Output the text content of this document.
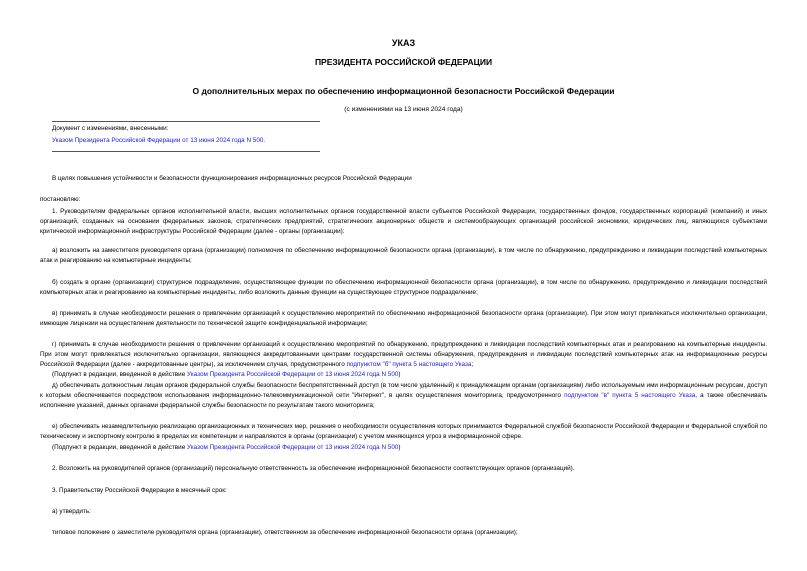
УКАЗ
ПРЕЗИДЕНТА РОССИЙСКОЙ ФЕДЕРАЦИИ
О дополнительных мерах по обеспечению информационной безопасности Российской Федерации
(с изменениями на 13 июня 2024 года)
Документ с изменениями, внесенными:
Указом Президента Российской Федерации от 13 июня 2024 года N 500.

В целях повышения устойчивости и безопасности функционирования информационных ресурсов Российской Федерации

постановляю:

1. Руководителям федеральных органов исполнительной власти, высших исполнительных органов государственной власти субъектов Российской Федерации, государственных фондов, государственных корпораций (компаний) и иных организаций, созданных на основании федеральных законов, стратегических предприятий, стратегических акционерных обществ и системообразующих организаций российской экономики, юридических лиц, являющихся субъектами критической информационной инфраструктуры Российской Федерации (далее - органы (организации):

а) возложить на заместителя руководителя органа (организации) полномочия по обеспечению информационной безопасности органа (организации), в том числе по обнаружению, предупреждению и ликвидации последствий компьютерных атак и реагированию на компьютерные инциденты;

б) создать в органе (организации) структурное подразделение, осуществляющее функции по обеспечению информационной безопасности органа (организации), в том числе по обнаружению, предупреждению и ликвидации последствий компьютерных атак и реагированию на компьютерные инциденты, либо возложить данные функции на существующее структурное подразделение;

в) принимать в случае необходимости решения о привлечении организаций к осуществлению мероприятий по обеспечению информационной безопасности органа (организации). При этом могут привлекаться исключительно организации, имеющие лицензии на осуществление деятельности по технической защите конфиденциальной информации;

г) принимать в случае необходимости решения о привлечении организаций к осуществлению мероприятий по обнаружению, предупреждению и ликвидации последствий компьютерных атак и реагированию на компьютерные инциденты. При этом могут привлекаться исключительно организации, являющиеся аккредитованными центрами государственной системы обнаружения, предупреждения и ликвидации последствий компьютерных атак на информационные ресурсы Российской Федерации (далее - аккредитованные центры), за исключением случая, предусмотренного подпунктом "б" пункта 5 настоящего Указа;

(Подпункт в редакции, введенной в действие Указом Президента Российской Федерации от 13 июня 2024 года N 500)

д) обеспечивать должностным лицам органов федеральной службы безопасности беспрепятственный доступ (в том числе удаленный) к принадлежащим органам (организациям) либо используемым ими информационным ресурсам, доступ к которым обеспечивается посредством использования информационно-телекоммуникационной сети "Интернет", в целях осуществления мониторинга, предусмотренного подпунктом "в" пункта 5 настоящего Указа, а также обеспечивать исполнение указаний, данных органами федеральной службы безопасности по результатам такого мониторинга;

е) обеспечивать незамедлительную реализацию организационных и технических мер, решения о необходимости осуществления которых принимаются Федеральной службой безопасности Российской Федерации и Федеральной службой по техническому и экспортному контролю в пределах их компетенции и направляются в органы (организации) с учетом меняющихся угроз в информационной сфере.

(Подпункт в редакции, введенной в действие Указом Президента Российской Федерации от 13 июня 2024 года N 500)

2. Возложить на руководителей органов (организаций) персональную ответственность за обеспечение информационной безопасности соответствующих органов (организаций).

3. Правительству Российской Федерации в месячный срок:

а) утвердить:

типовое положение о заместителе руководителя органа (организации), ответственном за обеспечение информационной безопасности органа (организации);
